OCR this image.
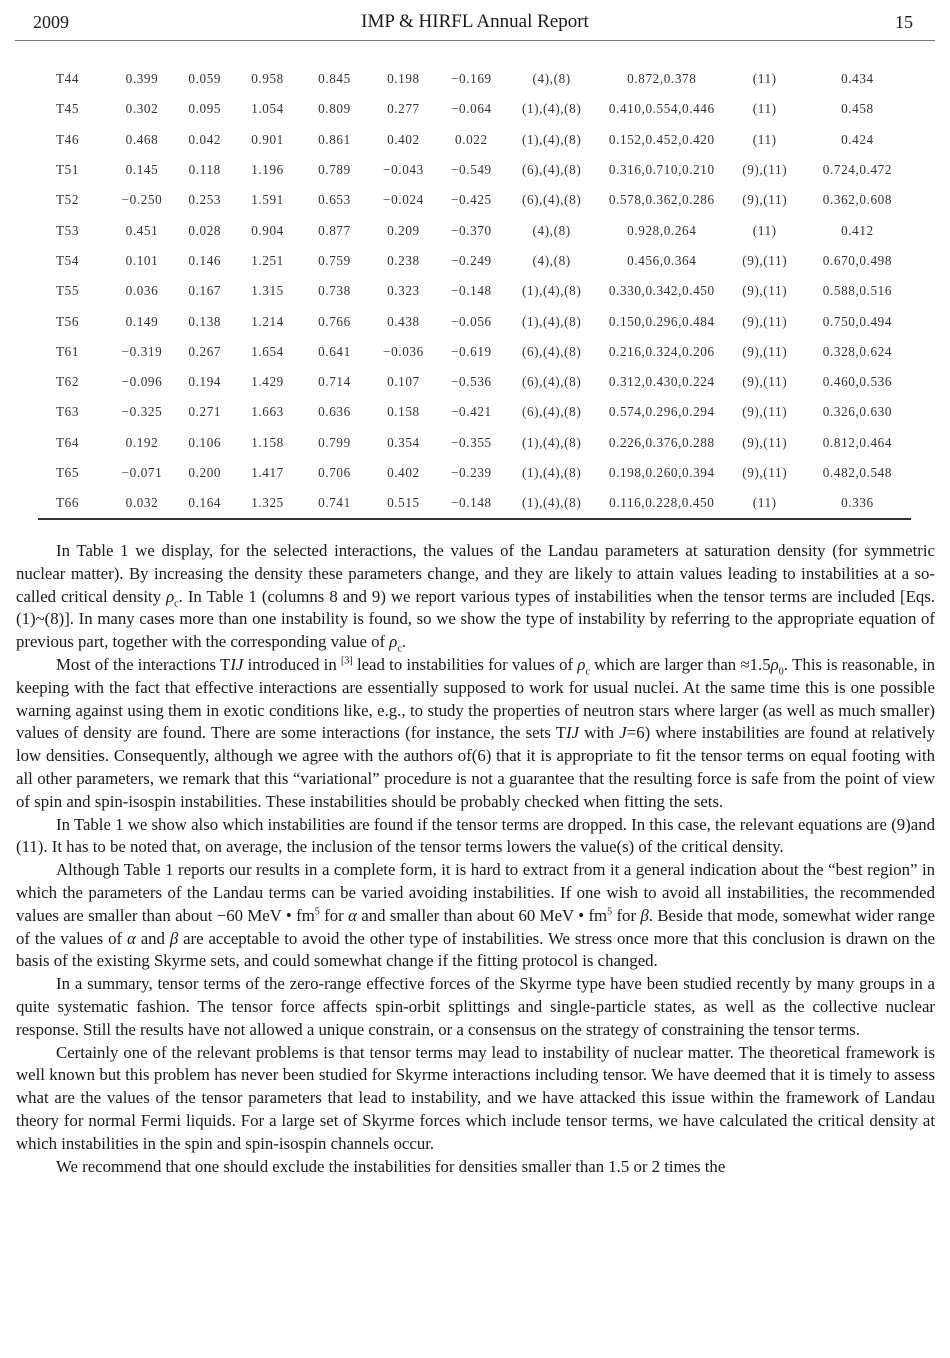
2009	IMP & HIRFL Annual Report	15
T44	0.399	0.059	0.958	0.845	0.198	−0.169	(4),(8)	0.872,0.378	(11)	0.434
T45	0.302	0.095	1.054	0.809	0.277	−0.064	(1),(4),(8)	0.410,0.554,0.446	(11)	0.458
T46	0.468	0.042	0.901	0.861	0.402	0.022	(1),(4),(8)	0.152,0.452,0.420	(11)	0.424
T51	0.145	0.118	1.196	0.789	−0.043	−0.549	(6),(4),(8)	0.316,0.710,0.210	(9),(11)	0.724,0.472
T52	−0.250	0.253	1.591	0.653	−0.024	−0.425	(6),(4),(8)	0.578,0.362,0.286	(9),(11)	0.362,0.608
T53	0.451	0.028	0.904	0.877	0.209	−0.370	(4),(8)	0.928,0.264	(11)	0.412
T54	0.101	0.146	1.251	0.759	0.238	−0.249	(4),(8)	0.456,0.364	(9),(11)	0.670,0.498
T55	0.036	0.167	1.315	0.738	0.323	−0.148	(1),(4),(8)	0.330,0.342,0.450	(9),(11)	0.588,0.516
T56	0.149	0.138	1.214	0.766	0.438	−0.056	(1),(4),(8)	0.150,0.296,0.484	(9),(11)	0.750,0.494
T61	−0.319	0.267	1.654	0.641	−0.036	−0.619	(6),(4),(8)	0.216,0.324,0.206	(9),(11)	0.328,0.624
T62	−0.096	0.194	1.429	0.714	0.107	−0.536	(6),(4),(8)	0.312,0.430,0.224	(9),(11)	0.460,0.536
T63	−0.325	0.271	1.663	0.636	0.158	−0.421	(6),(4),(8)	0.574,0.296,0.294	(9),(11)	0.326,0.630
T64	0.192	0.106	1.158	0.799	0.354	−0.355	(1),(4),(8)	0.226,0.376,0.288	(9),(11)	0.812,0.464
T65	−0.071	0.200	1.417	0.706	0.402	−0.239	(1),(4),(8)	0.198,0.260,0.394	(9),(11)	0.482,0.548
T66	0.032	0.164	1.325	0.741	0.515	−0.148	(1),(4),(8)	0.116,0.228,0.450	(11)	0.336

In Table 1 we display, for the selected interactions, the values of the Landau parameters at saturation density (for symmetric nuclear matter). By increasing the density these parameters change, and they are likely to attain values leading to instabilities at a so-called critical density $\rho_c$. In Table 1 (columns 8 and 9) we report various types of instabilities when the tensor terms are included [Eqs. (1)~(8)]. In many cases more than one instability is found, so we show the type of instability by referring to the appropriate equation of previous part, together with the corresponding value of $\rho_c$.

Most of the interactions TIJ introduced in [3] lead to instabilities for values of $\rho_c$ which are larger than $\approx 1.5\rho_0$. This is reasonable, in keeping with the fact that effective interactions are essentially supposed to work for usual nuclei. At the same time this is one possible warning against using them in exotic conditions like, e.g., to study the properties of neutron stars where larger (as well as much smaller) values of density are found. There are some interactions (for instance, the sets TIJ with J=6) where instabilities are found at relatively low densities. Consequently, although we agree with the authors of(6) that it is appropriate to fit the tensor terms on equal footing with all other parameters, we remark that this “variational” procedure is not a guarantee that the resulting force is safe from the point of view of spin and spin-isospin instabilities. These instabilities should be probably checked when fitting the sets.

In Table 1 we show also which instabilities are found if the tensor terms are dropped. In this case, the relevant equations are (9)and (11). It has to be noted that, on average, the inclusion of the tensor terms lowers the value(s) of the critical density.

Although Table 1 reports our results in a complete form, it is hard to extract from it a general indication about the “best region” in which the parameters of the Landau terms can be varied avoiding instabilities. If one wish to avoid all instabilities, the recommended values are smaller than about −60 MeV • $fm^5$ for α and smaller than about 60 MeV • $fm^5$ for β. Beside that mode, somewhat wider range of the values of α and β are acceptable to avoid the other type of instabilities. We stress once more that this conclusion is drawn on the basis of the existing Skyrme sets, and could somewhat change if the fitting protocol is changed.

In a summary, tensor terms of the zero-range effective forces of the Skyrme type have been studied recently by many groups in a quite systematic fashion. The tensor force affects spin-orbit splittings and single-particle states, as well as the collective nuclear response. Still the results have not allowed a unique constrain, or a consensus on the strategy of constraining the tensor terms.

Certainly one of the relevant problems is that tensor terms may lead to instability of nuclear matter. The theoretical framework is well known but this problem has never been studied for Skyrme interactions including tensor. We have deemed that it is timely to assess what are the values of the tensor parameters that lead to instability, and we have attacked this issue within the framework of Landau theory for normal Fermi liquids. For a large set of Skyrme forces which include tensor terms, we have calculated the critical density at which instabilities in the spin and spin-isospin channels occur.

We recommend that one should exclude the instabilities for densities smaller than 1.5 or 2 times the
